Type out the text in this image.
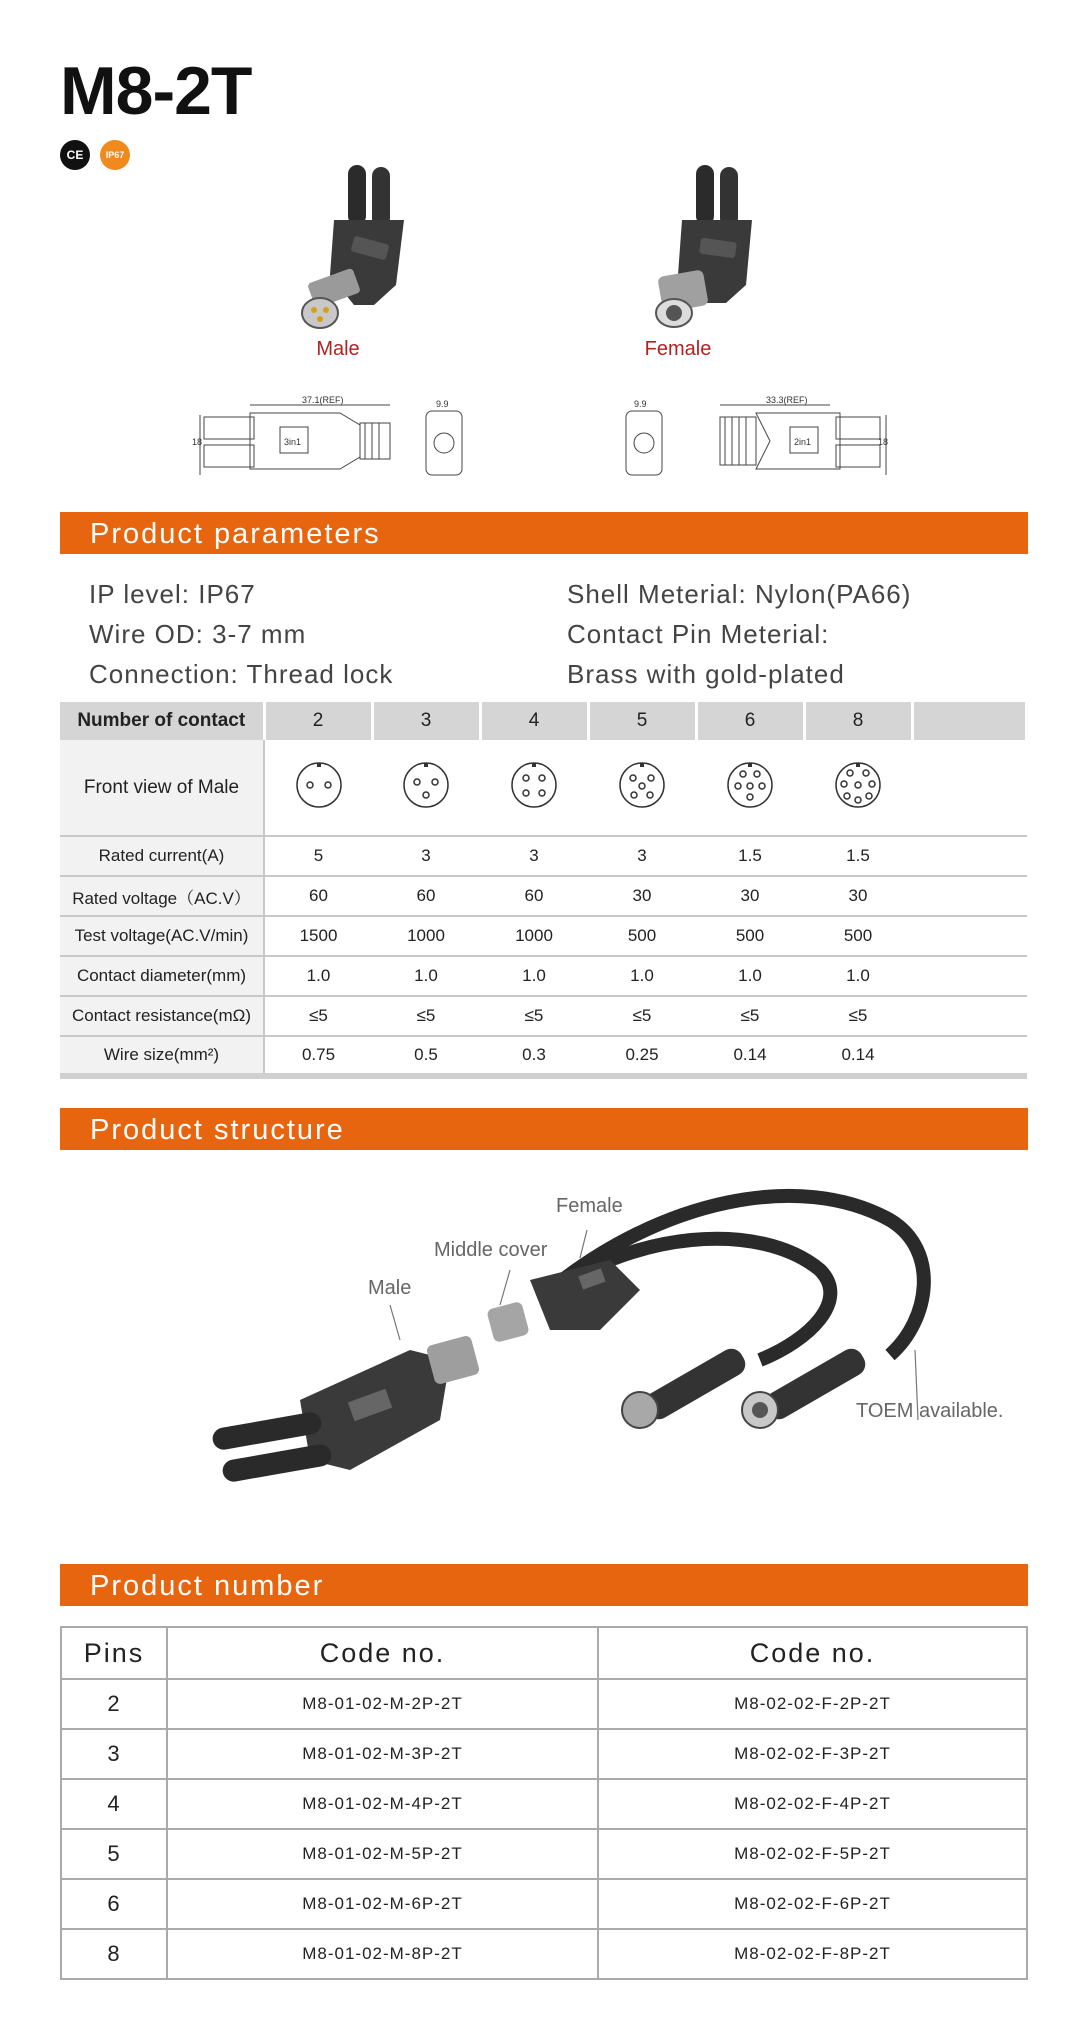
M8-2T
CE	IP67
Male	Female
37.1(REF)	9.9
18	3in1
9.9	33.3(REF)
18
2in1
Product parameters
IP level: IP67
Wire OD: 3-7 mm
Connection: Thread lock
Shell Meterial: Nylon(PA66)
Contact Pin Meterial:
Brass with gold-plated
Number of contact	2	3	4	5	6	8	
Front view of Male							
Rated current(A)	5	3	3	3	1.5	1.5	
Rated voltage（AC.V）	60	60	60	30	30	30	
Test voltage(AC.V/min)	1500	1000	1000	500	500	500	
Contact diameter(mm)	1.0	1.0	1.0	1.0	1.0	1.0	
Contact resistance(mΩ)	≤5	≤5	≤5	≤5	≤5	≤5	
Wire size(mm²)	0.75	0.5	0.3	0.25	0.14	0.14	
Product structure
Female
Middle cover
Male
TOEM available.
Product number
Pins	Code no.	Code no.
2	M8-01-02-M-2P-2T	M8-02-02-F-2P-2T
3	M8-01-02-M-3P-2T	M8-02-02-F-3P-2T
4	M8-01-02-M-4P-2T	M8-02-02-F-4P-2T
5	M8-01-02-M-5P-2T	M8-02-02-F-5P-2T
6	M8-01-02-M-6P-2T	M8-02-02-F-6P-2T
8	M8-01-02-M-8P-2T	M8-02-02-F-8P-2T
